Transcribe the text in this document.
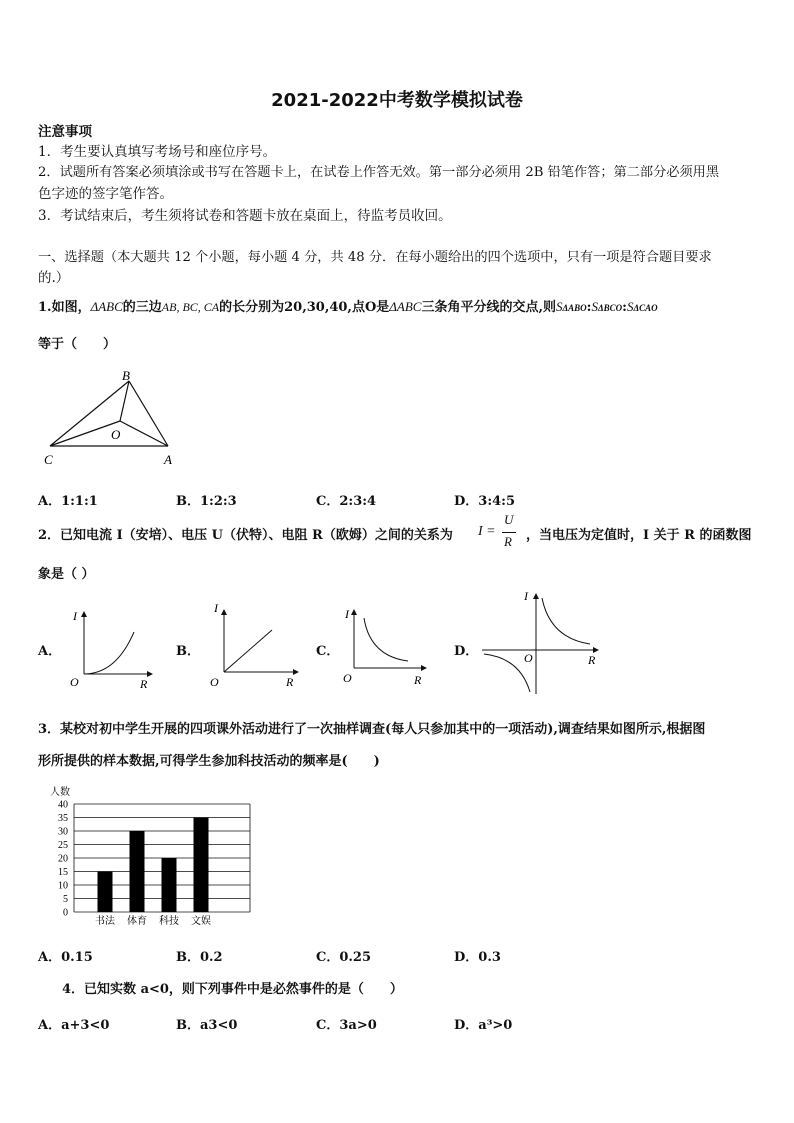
2021-2022中考数学模拟试卷
注意事项
1．考生要认真填写考场号和座位序号。
2．试题所有答案必须填涂或书写在答题卡上，在试卷上作答无效。第一部分必须用 2B 铅笔作答；第二部分必须用黑
色字迹的签字笔作答。
3．考试结束后，考生须将试卷和答题卡放在桌面上，待监考员收回。
一、选择题（本大题共 12 个小题，每小题 4 分，共 48 分．在每小题给出的四个选项中，只有一项是符合题目要求
的.）
1.如图，ΔABC的三边AB, BC, CA的长分别为20,30,40,点O是ΔABC三条角平分线的交点,则SΔABO:SΔBCO:SΔCAO
等于（　　）
B
O
C	A
A．1:1:1	B．1:2:3	C．2:3:4	D．3:4:5
2．已知电流 I（安培）、电压 U（伏特）、电阻 R（欧姆）之间的关系为 I =
U
R ，当电压为定值时，I 关于 R 的函数图
象是（ ）
A．	B．	C．	D．
I
R
O
I
R
O
I
R
O
I
R
O
3．某校对初中学生开展的四项课外活动进行了一次抽样调查(每人只参加其中的一项活动),调查结果如图所示,根据图
形所提供的样本数据,可得学生参加科技活动的频率是(　　)
0
5
10
15
20
25
30
35
40
书法 体育 科技 文娱
人数
A．0.15	B．0.2	C．0.25	D．0.3
4．已知实数 a<0，则下列事件中是必然事件的是（　　）
A．a+3<0	B．a3<0	C．3a>0	D．a³>0
